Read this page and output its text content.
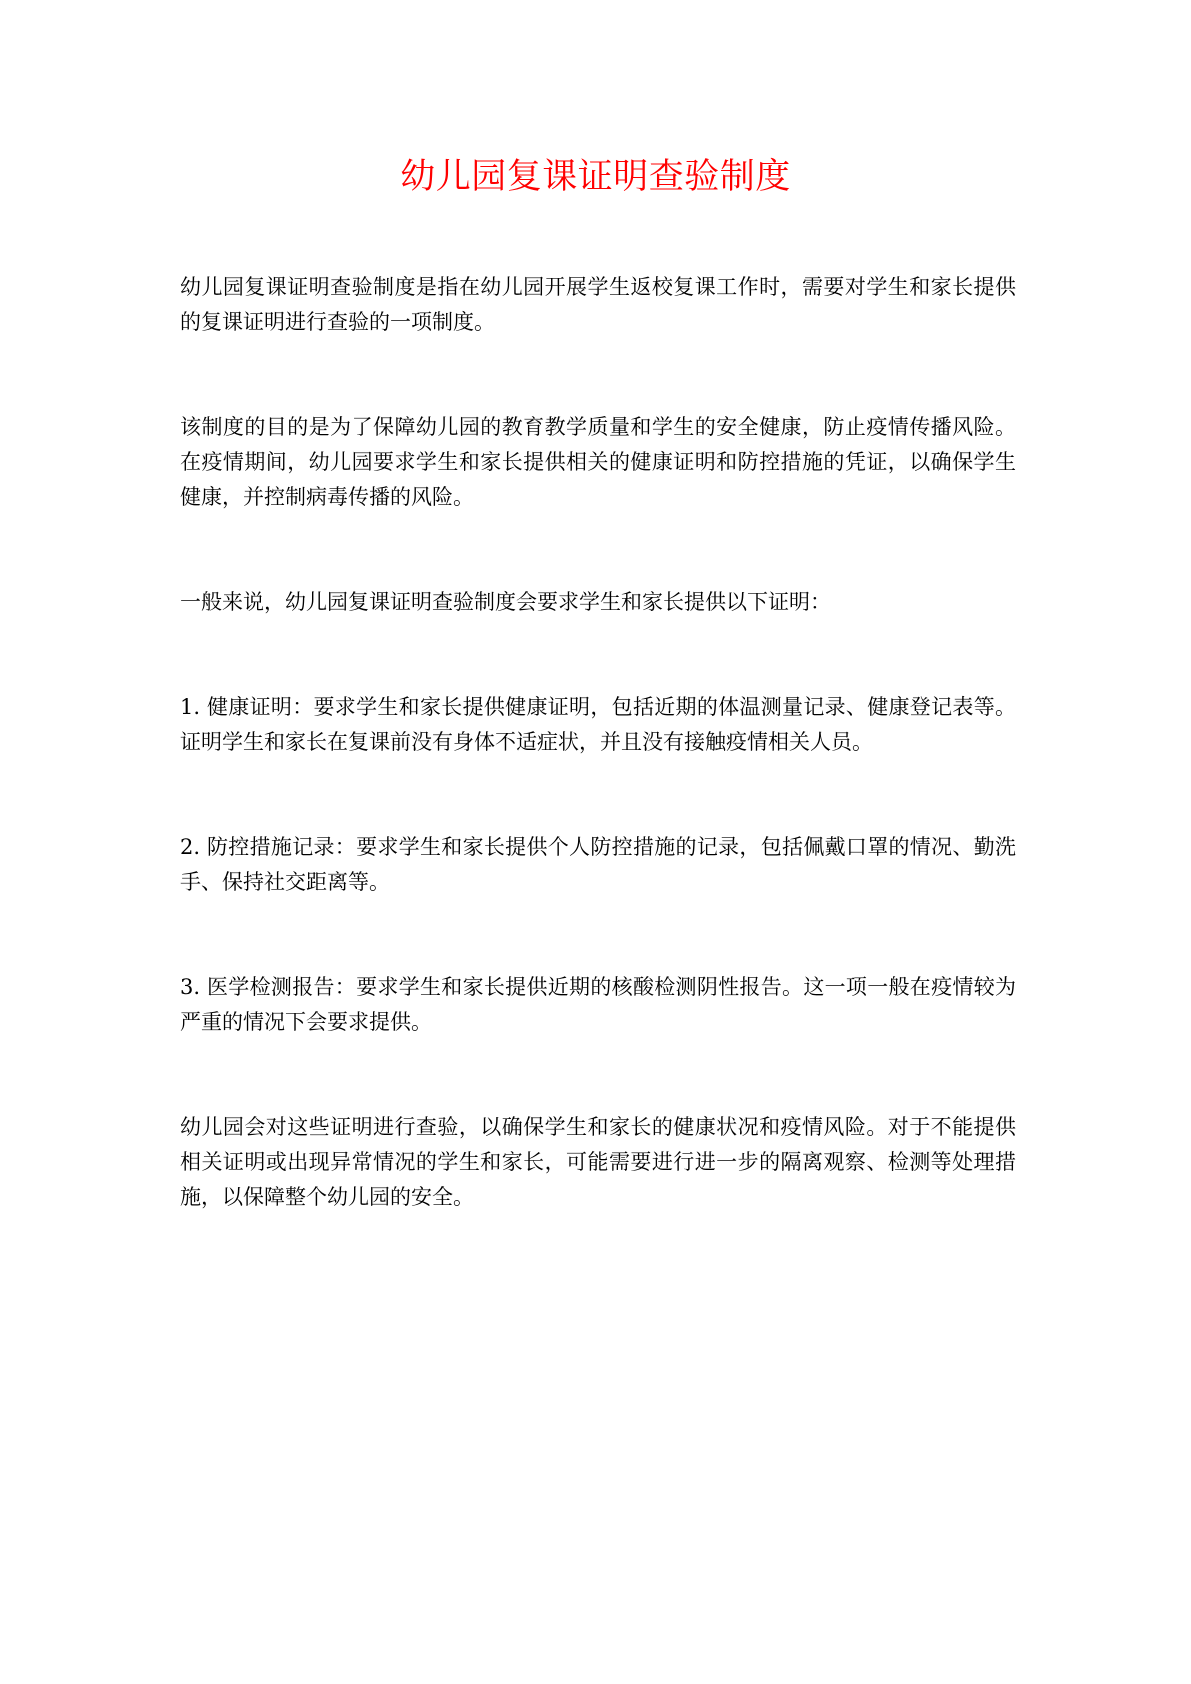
幼儿园复课证明查验制度

幼儿园复课证明查验制度是指在幼儿园开展学生返校复课工作时，需要对学生和家长提供的复课证明进行查验的一项制度。

该制度的目的是为了保障幼儿园的教育教学质量和学生的安全健康，防止疫情传播风险。在疫情期间，幼儿园要求学生和家长提供相关的健康证明和防控措施的凭证，以确保学生健康，并控制病毒传播的风险。

一般来说，幼儿园复课证明查验制度会要求学生和家长提供以下证明：

1. 健康证明：要求学生和家长提供健康证明，包括近期的体温测量记录、健康登记表等。证明学生和家长在复课前没有身体不适症状，并且没有接触疫情相关人员。

2. 防控措施记录：要求学生和家长提供个人防控措施的记录，包括佩戴口罩的情况、勤洗手、保持社交距离等。

3. 医学检测报告：要求学生和家长提供近期的核酸检测阴性报告。这一项一般在疫情较为严重的情况下会要求提供。

幼儿园会对这些证明进行查验，以确保学生和家长的健康状况和疫情风险。对于不能提供相关证明或出现异常情况的学生和家长，可能需要进行进一步的隔离观察、检测等处理措施，以保障整个幼儿园的安全。
